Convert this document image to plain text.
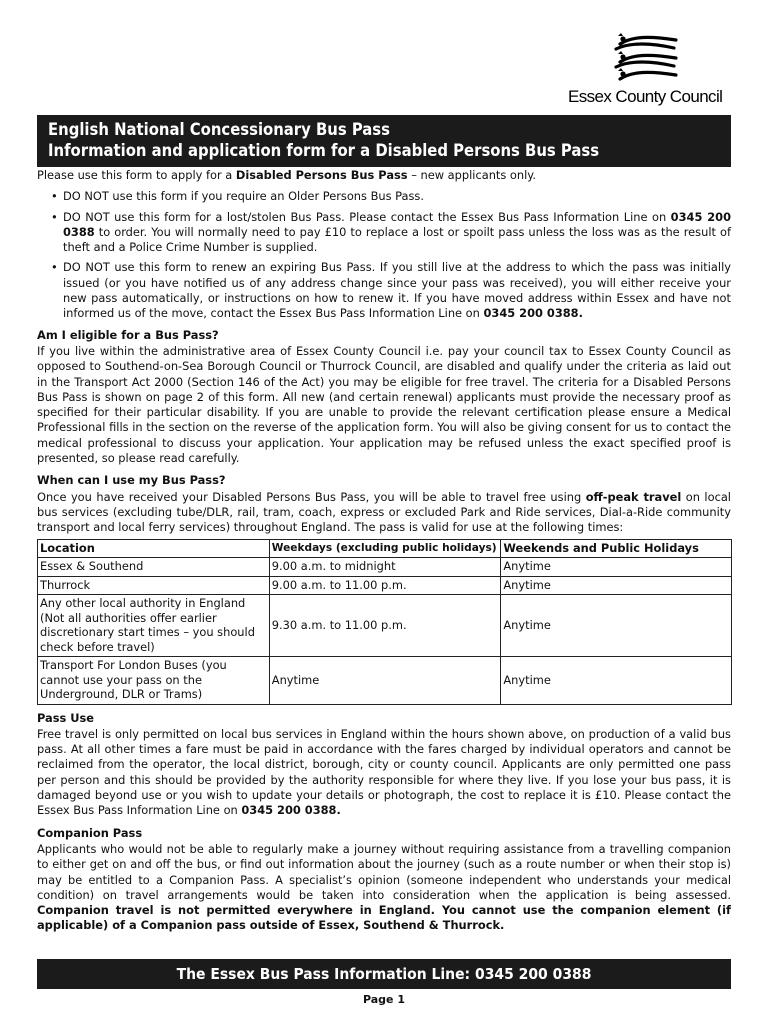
Essex County Council
English National Concessionary Bus Pass
Information and application form for a Disabled Persons Bus Pass

Please use this form to apply for a Disabled Persons Bus Pass – new applicants only.

• DO NOT use this form if you require an Older Persons Bus Pass.
• DO NOT use this form for a lost/stolen Bus Pass. Please contact the Essex Bus Pass Information Line on 0345 200 0388 to order. You will normally need to pay £10 to replace a lost or spoilt pass unless the loss was as the result of theft and a Police Crime Number is supplied.
• DO NOT use this form to renew an expiring Bus Pass. If you still live at the address to which the pass was initially issued (or you have notified us of any address change since your pass was received), you will either receive your new pass automatically, or instructions on how to renew it. If you have moved address within Essex and have not informed us of the move, contact the Essex Bus Pass Information Line on 0345 200 0388.
Am I eligible for a Bus Pass?

If you live within the administrative area of Essex County Council i.e. pay your council tax to Essex County Council as opposed to Southend-on-Sea Borough Council or Thurrock Council, are disabled and qualify under the criteria as laid out in the Transport Act 2000 (Section 146 of the Act) you may be eligible for free travel. The criteria for a Disabled Persons Bus Pass is shown on page 2 of this form. All new (and certain renewal) applicants must provide the necessary proof as specified for their particular disability. If you are unable to provide the relevant certification please ensure a Medical Professional fills in the section on the reverse of the application form. You will also be giving consent for us to contact the medical professional to discuss your application. Your application may be refused unless the exact specified proof is presented, so please read carefully.

When can I use my Bus Pass?

Once you have received your Disabled Persons Bus Pass, you will be able to travel free using off-peak travel on local bus services (excluding tube/DLR, rail, tram, coach, express or excluded Park and Ride services, Dial-a-Ride community transport and local ferry services) throughout England. The pass is valid for use at the following times:

Location	Weekdays (excluding public holidays)	Weekends and Public Holidays
Essex & Southend	9.00 a.m. to midnight	Anytime
Thurrock	9.00 a.m. to 11.00 p.m.	Anytime
Any other local authority in England (Not all authorities offer earlier discretionary start times – you should check before travel)	9.30 a.m. to 11.00 p.m.	Anytime
Transport For London Buses (you cannot use your pass on the Underground, DLR or Trams)	Anytime	Anytime
Pass Use

Free travel is only permitted on local bus services in England within the hours shown above, on production of a valid bus pass. At all other times a fare must be paid in accordance with the fares charged by individual operators and cannot be reclaimed from the operator, the local district, borough, city or county council. Applicants are only permitted one pass per person and this should be provided by the authority responsible for where they live. If you lose your bus pass, it is damaged beyond use or you wish to update your details or photograph, the cost to replace it is £10. Please contact the Essex Bus Pass Information Line on 0345 200 0388.

Companion Pass

Applicants who would not be able to regularly make a journey without requiring assistance from a travelling companion to either get on and off the bus, or find out information about the journey (such as a route number or when their stop is) may be entitled to a Companion Pass. A specialist’s opinion (someone independent who understands your medical condition) on travel arrangements would be taken into consideration when the application is being assessed. Companion travel is not permitted everywhere in England. You cannot use the companion element (if applicable) of a Companion pass outside of Essex, Southend & Thurrock.

The Essex Bus Pass Information Line: 0345 200 0388
Page 1
